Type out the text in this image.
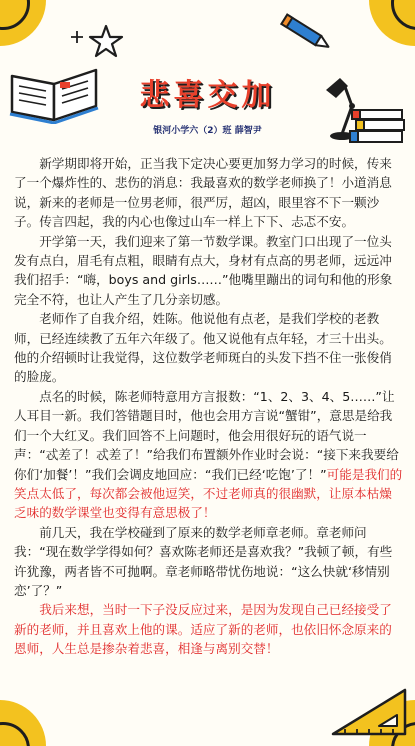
悲喜交加
银河小学六（2）班 薛智尹

新学期即将开始，正当我下定决心要更加努力学习的时候，传来了一个爆炸性的、悲伤的消息：我最喜欢的数学老师换了！小道消息说，新来的老师是一位男老师，很严厉，超凶，眼里容不下一颗沙子。传言四起，我的内心也像过山车一样上下下、忐忑不安。

开学第一天，我们迎来了第一节数学课。教室门口出现了一位头发有点白，眉毛有点粗，眼睛有点大，身材有点高的男老师，远远冲我们招手：“嗨，boys and girls……”他嘴里蹦出的词句和他的形象完全不符，也让人产生了几分亲切感。

老师作了自我介绍，姓陈。他说他有点老，是我们学校的老教师，已经连续教了五年六年级了。他又说他有点年轻，才三十出头。他的介绍顿时让我觉得，这位数学老师斑白的头发下挡不住一张俊俏的脸庞。

点名的时候，陈老师特意用方言报数：“1、2、3、4、5……”让人耳目一新。我们答错题目时，他也会用方言说“蟹钳”，意思是给我们一个大红叉。我们回答不上问题时，他会用很好玩的语气说一声：“忒差了！忒差了！”给我们布置额外作业时会说：“接下来我要给你们‘加餐’！”我们会调皮地回应：“我们已经‘吃饱’了！”可能是我们的笑点太低了，每次都会被他逗笑，不过老师真的很幽默，让原本枯燥乏味的数学课堂也变得有意思极了！

前几天，我在学校碰到了原来的数学老师章老师。章老师问我：“现在数学学得如何？喜欢陈老师还是喜欢我？”我顿了顿，有些许犹豫，两者皆不可抛啊。章老师略带忧伤地说：“这么快就‘移情别恋’了？”

我后来想，当时一下子没反应过来，是因为发现自己已经接受了新的老师，并且喜欢上他的课。适应了新的老师，也依旧怀念原来的恩师，人生总是掺杂着悲喜，相逢与离别交替！
